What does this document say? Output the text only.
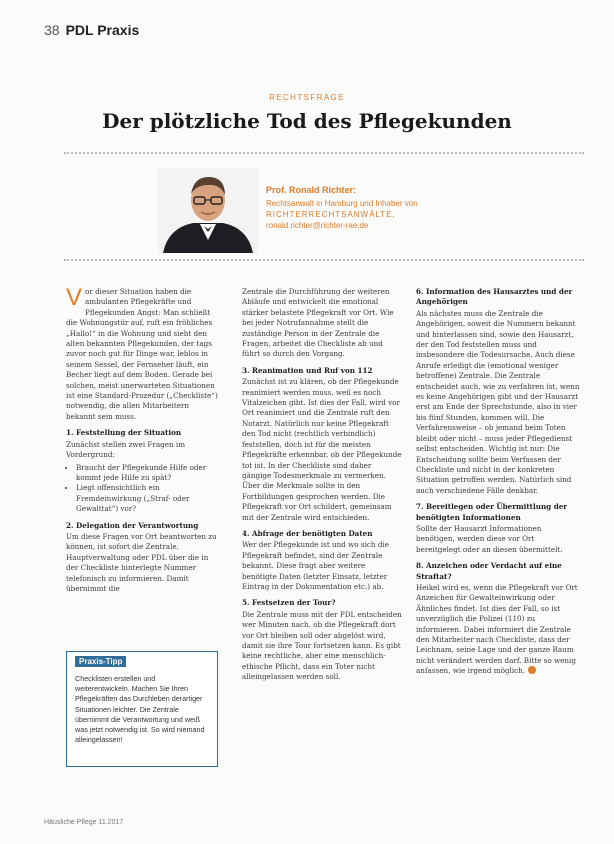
38 PDL Praxis
RECHTSFRAGE
Der plötzliche Tod des Pflegekunden
Prof. Ronald Richter:
Rechtsanwalt in Hamburg und Inhaber von
RICHTERRECHTSANWÄLTE,
ronald.richter@richter-rae.de

Vor dieser Situation haben die ambulanten Pflegekräfte und Pflegekunden Angst: Man schließt die Wohnungstür auf, ruft ein fröhliches „Hallo!“ in die Wohnung und sieht den alten bekannten Pflegekunden, der tags zuvor noch gut für Dinge war, leblos in seinem Sessel, der Fernseher läuft, ein Becher liegt auf dem Boden. Gerade bei solchen, meist unerwarteten Situationen ist eine Standard-Prozedur („Checkliste“) notwendig, die allen Mitarbeitern bekannt sein muss.

1. Feststellung der Situation

Zunächst stellen zwei Fragen im Vordergrund:

• Braucht der Pflegekunde Hilfe oder kommt jede Hilfe zu spät?
• Liegt offensichtlich ein Fremdeinwirkung („Straf- oder Gewalttat“) vor?
2. Delegation der Verantwortung

Um diese Fragen vor Ort beantworten zu können, ist sofort die Zentrale, Hauptverwaltung oder PDL über die in der Checkliste hinterlegte Nummer telefonisch zu informieren. Damit übernimmt die

Praxis-Tipp
Checklisten erstellen und weiterentwickeln. Machen Sie Ihren Pflegekräften das Durchleben derartiger Situationen leichter. Die Zentrale übernimmt die Verantwortung und weiß was jetzt notwendig ist. So wird niemand alleingelassen!

Zentrale die Durchführung der weiteren Abläufe und entwickelt die emotional stärker belastete Pflegekraft vor Ort. Wie bei jeder Notrufannahme stellt die zuständige Person in der Zentrale die Fragen, arbeitet die Checkliste ab und führt so durch den Vorgang.

3. Reanimation und Ruf von 112

Zunächst ist zu klären, ob der Pflegekunde reanimiert werden muss, weil es noch Vitalzeichen gibt. Ist dies der Fall, wird vor Ort reanimiert und die Zentrale ruft den Notarzt. Natürlich nur keine Pflegekraft den Tod nicht (rechtlich verbindlich) feststellen, doch ist für die meisten Pflegekräfte erkennbar, ob der Pflegekunde tot ist. In der Checkliste sind daher gängige Todesmerkmale zu vermerken. Über die Merkmale sollte in den Fortbildungen gesprochen werden. Die Pflegekraft vor Ort schildert, gemeinsam mit der Zentrale wird entschieden.

4. Abfrage der benötigten Daten

Wer der Pflegekunde ist und wo sich die Pflegekraft befindet, sind der Zentrale bekannt. Diese fragt aber weitere benötigte Daten (letzter Einsatz, letzter Eintrag in der Dokumentation etc.) ab.

5. Festsetzen der Tour?

Die Zentrale muss mit der PDL entscheiden wer Minuten nach, ob die Pflegekraft dort vor Ort bleiben soll oder abgelöst wird, damit sie ihre Tour fortsetzen kann. Es gibt keine rechtliche, aber eine menschlich-ethische Pflicht, dass ein Toter nicht alleingelassen werden soll.

6. Information des Hausarztes und der Angehörigen

Als nächstes muss die Zentrale die Angehörigen, soweit die Nummern bekannt und hinterlassen sind, sowie den Hausarzt, der den Tod feststellen muss und insbesondere die Todesursache. Auch diese Anrufe erledigt die (emotional weniger betroffene) Zentrale. Die Zentrale entscheidet auch, wie zu verfahren ist, wenn es keine Angehörigen gibt und der Hausarzt erst am Ende der Sprechstunde, also in vier bis fünf Stunden, kommen will. Die Verfahrensweise – ob jemand beim Toten bleibt oder nicht – muss jeder Pflegedienst selbst entscheiden. Wichtig ist nur: Die Entscheidung sollte beim Verfassen der Checkliste und nicht in der konkreten Situation getroffen werden. Natürlich sind auch verschiedene Fälle denkbar.

7. Bereitlegen oder Übermittlung der benötigten Informationen

Sollte der Hausarzt Informationen benötigen, werden diese vor Ort bereitgelegt oder an diesen übermittelt.

8. Anzeichen oder Verdacht auf eine Straftat?

Heikel wird es, wenn die Pflegekraft vor Ort Anzeichen für Gewalteinwirkung oder Ähnliches findet. Ist dies der Fall, so ist unverzüglich die Polizei (110) zu informieren. Dabei informiert die Zentrale den Mitarbeiter nach Checkliste, dass der Leichnam, seine Lage und der ganze Raum nicht verändert werden darf. Bitte so wenig anfassen, wie irgend möglich.

Häusliche Pflege 11.2017
